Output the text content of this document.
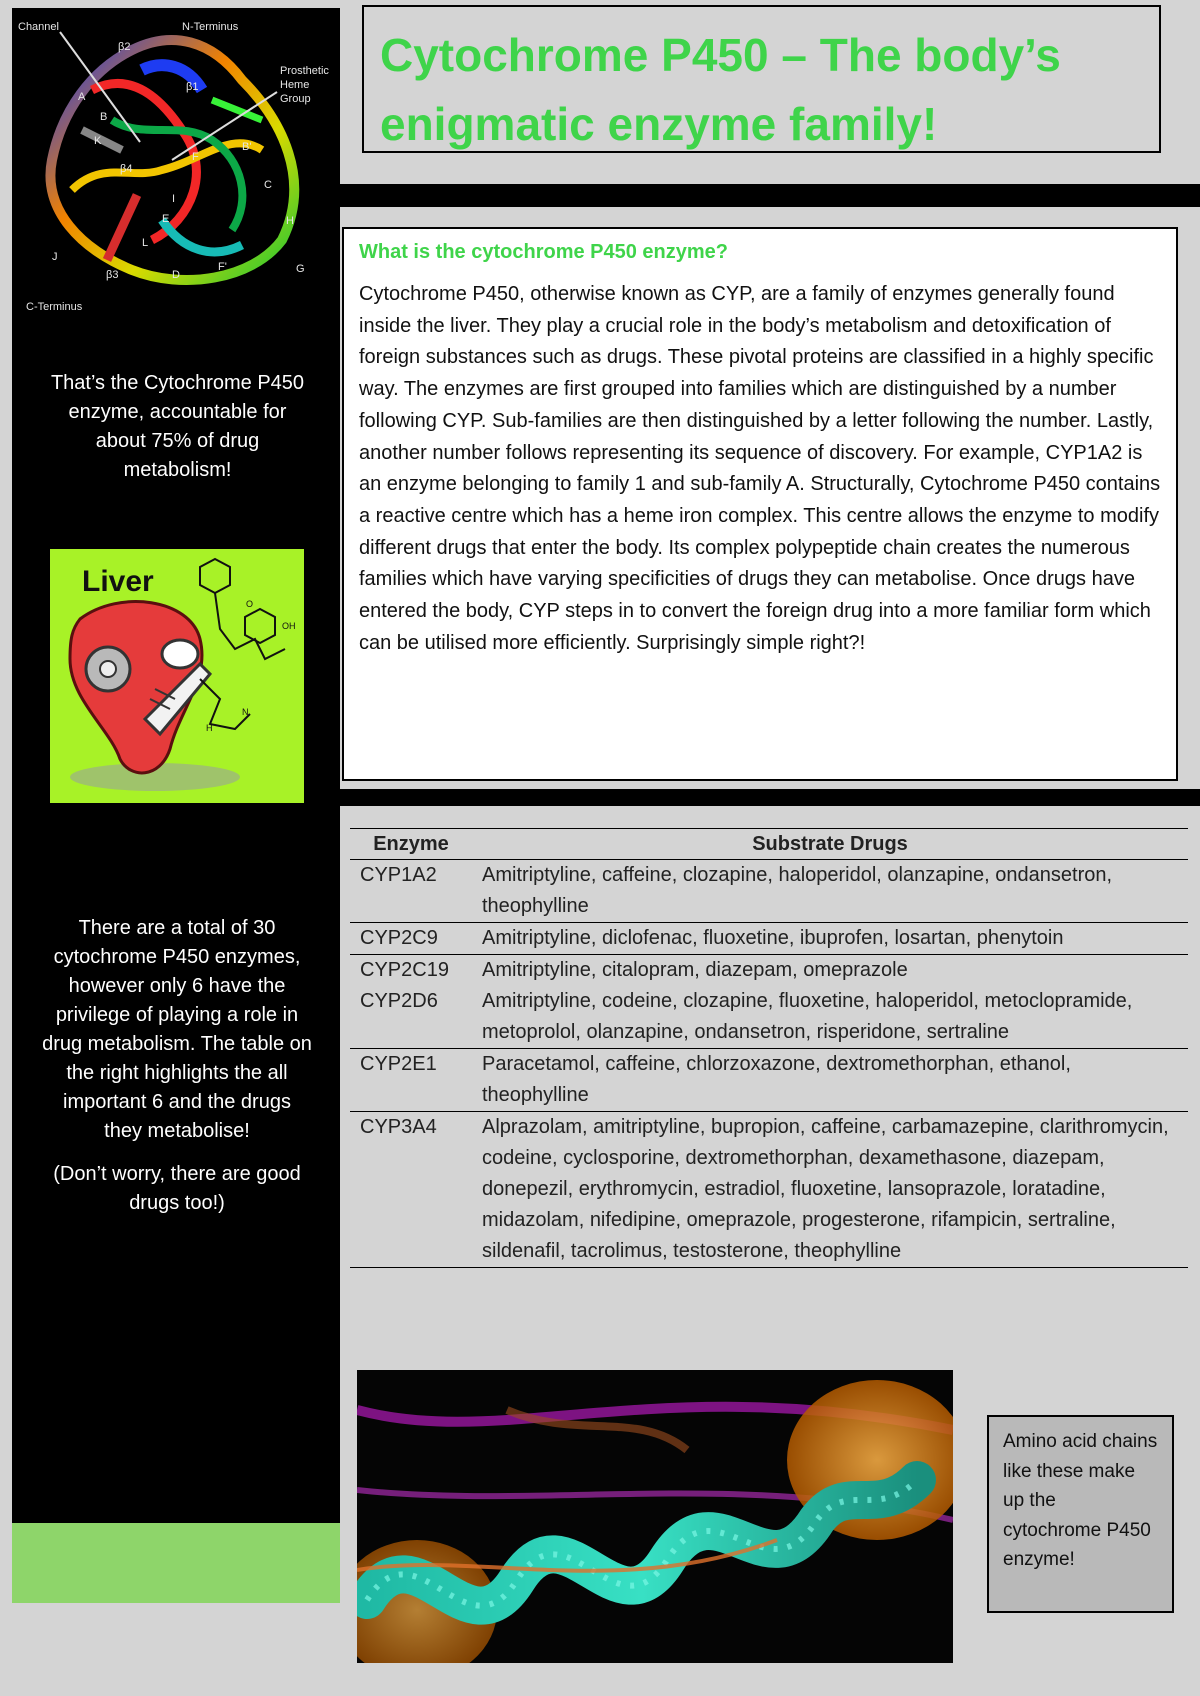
Channel	N-Terminus
Prosthetic
Heme
Group
C-Terminus
β2
β1
β4
β3
A
B
B'
C
D
E
F
F'	G
H
I
J
K
L
That’s the Cytochrome P450 enzyme, accountable for about 75% of drug metabolism!
Liver
O
OH
N
H

There are a total of 30 cytochrome P450 enzymes, however only 6 have the privilege of playing a role in drug metabolism. The table on the right highlights the all important 6 and the drugs they metabolise!

(Don’t worry, there are good drugs too!)

Cytochrome P450 – The body’s enigmatic enzyme family!
What is the cytochrome P450 enzyme?

Cytochrome P450, otherwise known as CYP, are a family of enzymes generally found inside the liver. They play a crucial role in the body’s metabolism and detoxification of foreign substances such as drugs. These pivotal proteins are classified in a highly specific way. The enzymes are first grouped into families which are distinguished by a number following CYP. Sub-families are then distinguished by a letter following the number. Lastly, another number follows representing its sequence of discovery. For example, CYP1A2 is an enzyme belonging to family 1 and sub-family A. Structurally, Cytochrome P450 contains a reactive centre which has a heme iron complex. This centre allows the enzyme to modify different drugs that enter the body. Its complex polypeptide chain creates the numerous families which have varying specificities of drugs they can metabolise. Once drugs have entered the body, CYP steps in to convert the foreign drug into a more familiar form which can be utilised more efficiently. Surprisingly simple right?!

Enzyme	Substrate Drugs
CYP1A2	Amitriptyline, caffeine, clozapine, haloperidol, olanzapine, ondansetron, theophylline
CYP2C9	Amitriptyline, diclofenac, fluoxetine, ibuprofen, losartan, phenytoin
CYP2C19	Amitriptyline, citalopram, diazepam, omeprazole
CYP2D6	Amitriptyline, codeine, clozapine, fluoxetine, haloperidol, metoclopramide, metoprolol, olanzapine, ondansetron, risperidone, sertraline
CYP2E1	Paracetamol, caffeine, chlorzoxazone, dextromethorphan, ethanol, theophylline
CYP3A4	Alprazolam, amitriptyline, bupropion, caffeine, carbamazepine, clarithromycin, codeine, cyclosporine, dextromethorphan, dexamethasone, diazepam, donepezil, erythromycin, estradiol, fluoxetine, lansoprazole, loratadine, midazolam, nifedipine, omeprazole, progesterone, rifampicin, sertraline, sildenafil, tacrolimus, testosterone, theophylline

Amino acid chains like these make up the cytochrome P450 enzyme!
